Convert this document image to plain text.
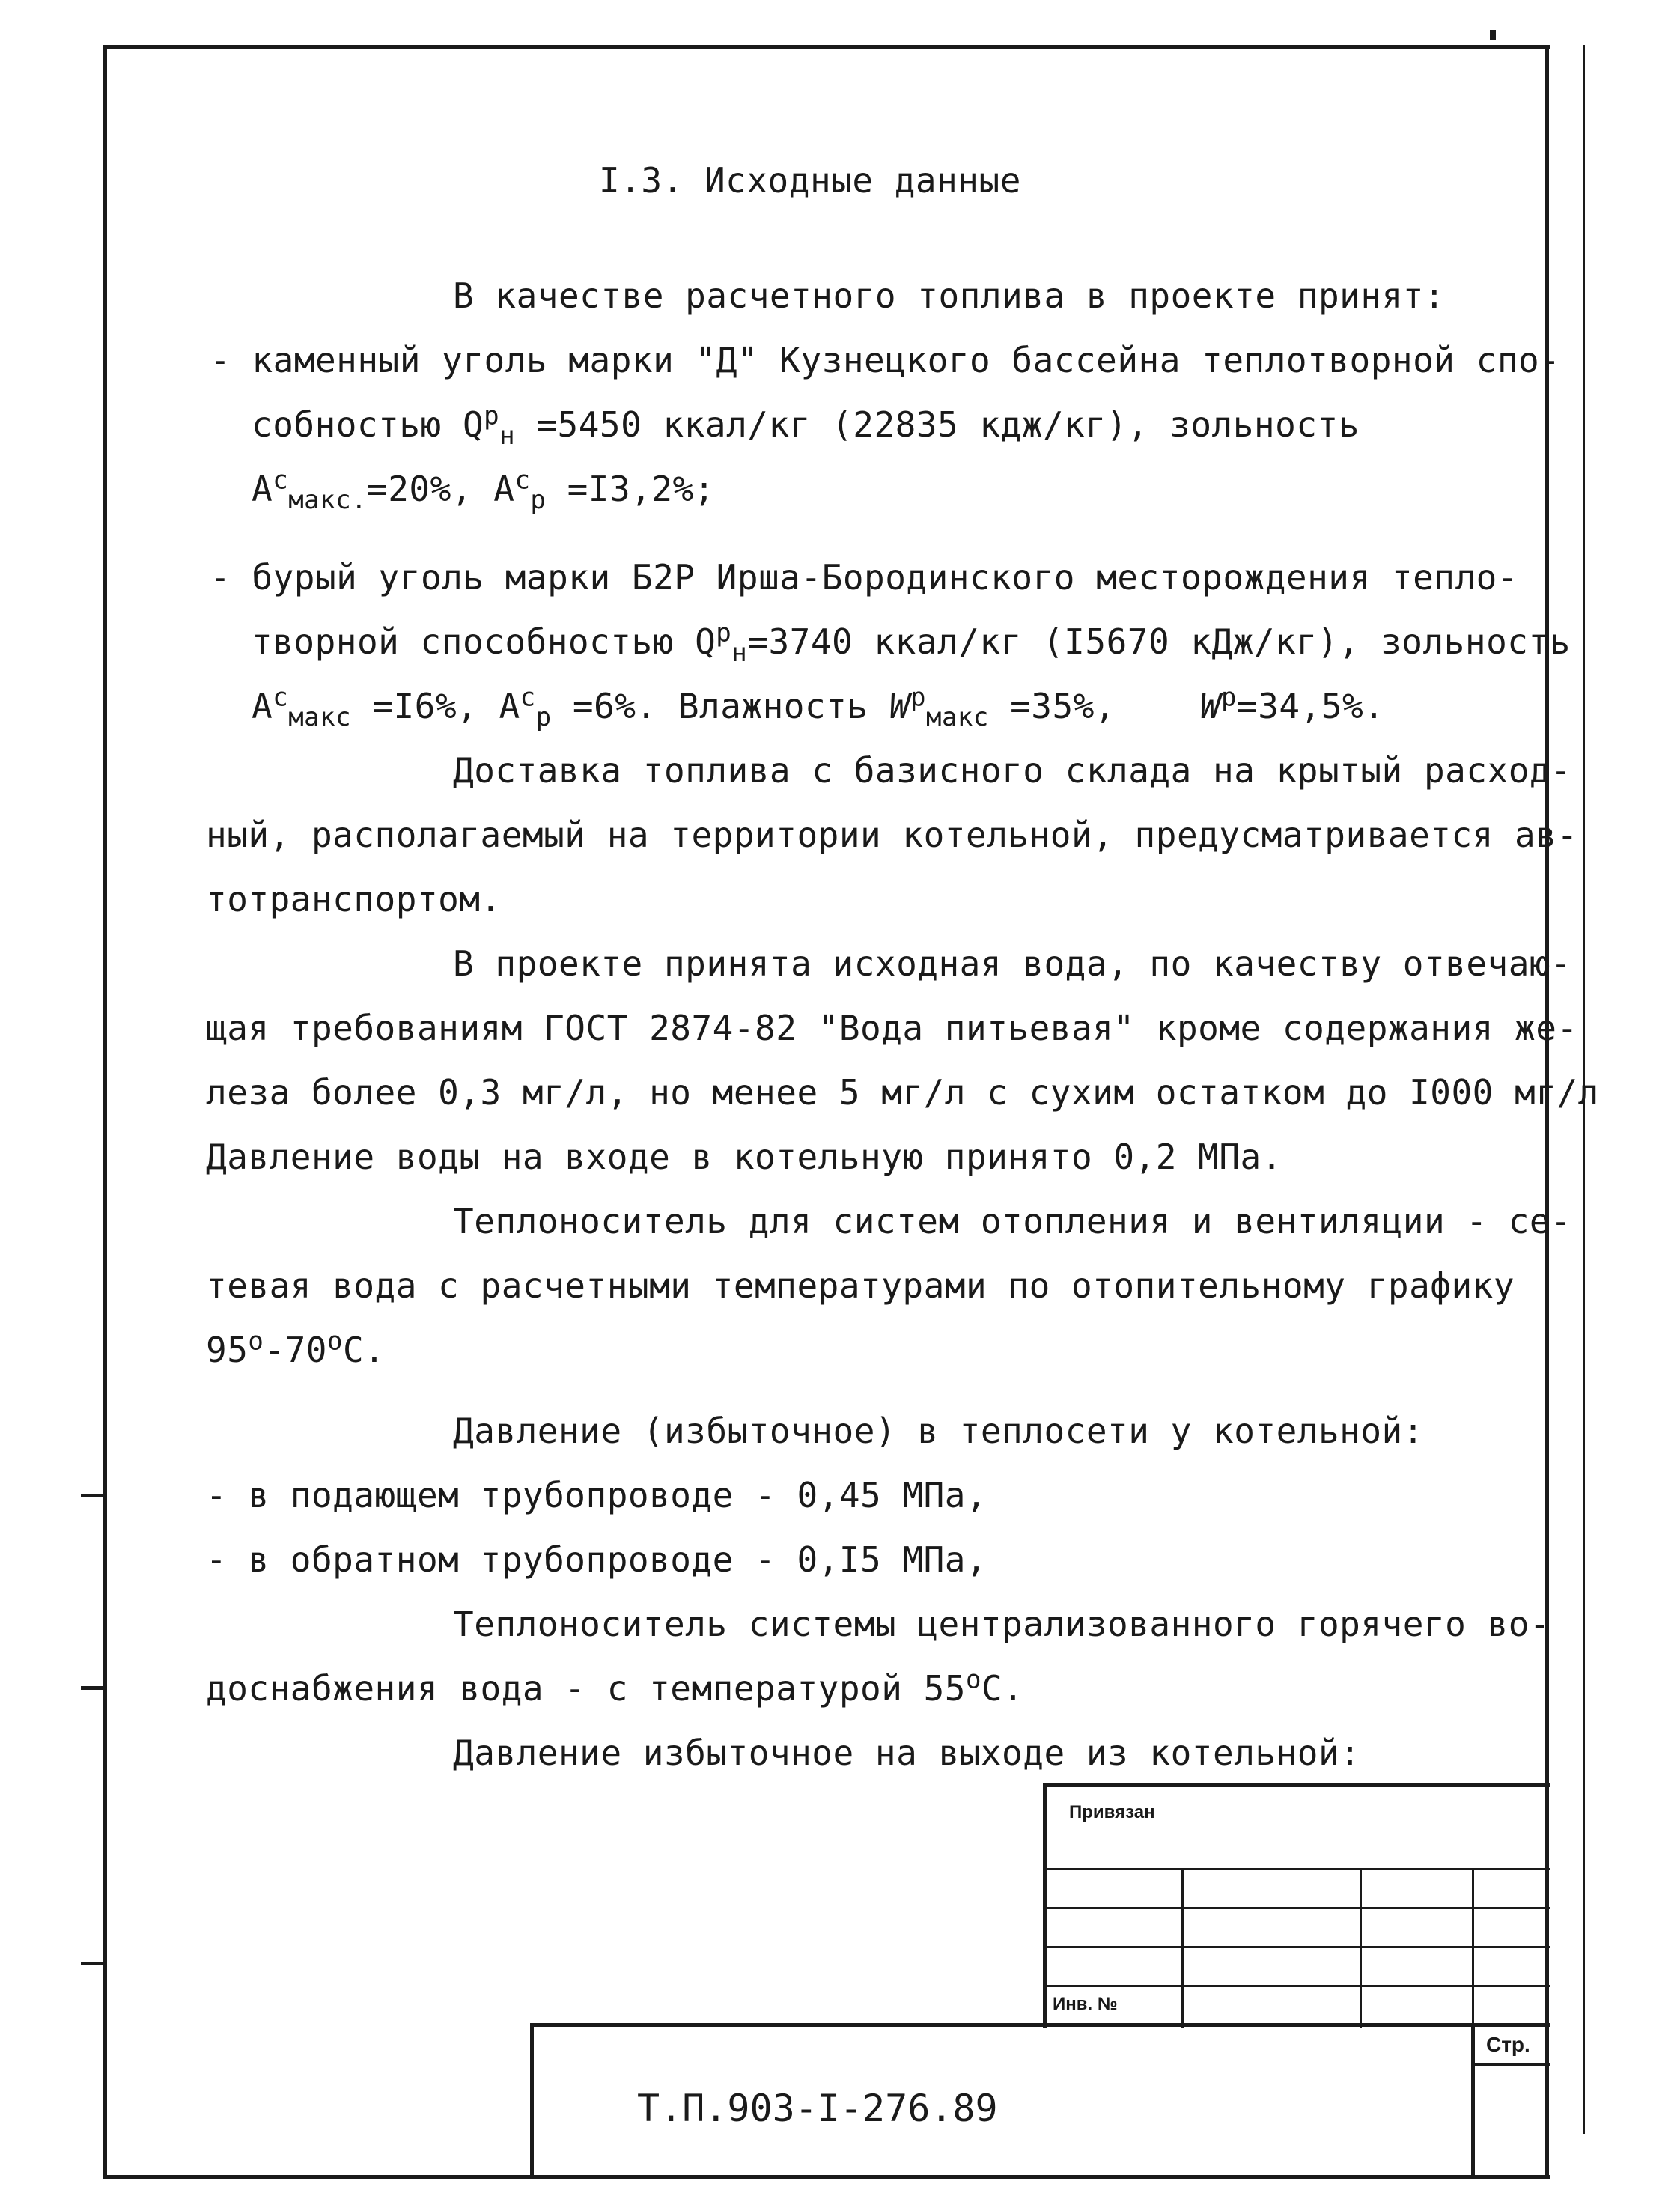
I.3. Исходные данные
В качестве расчетного топлива в проекте принят:
- каменный уголь марки "Д" Кузнецкого бассейна теплотворной спо-
собностью $Q^р_н =5450$ ккал/кг (22835 кдж/кг), зольность
$A^с_{макс.}=20\%$, $A^с_р =I3,2\%$;
- бурый уголь марки Б2Р Ирша-Бородинского месторождения тепло-
творной способностью $Q^р_н=3740$ ккал/кг (I5670 кДж/кг), зольность
$A^с_{макс} =I6\%$, $A^с_р =6\%$. Влажность $W^р_{макс} =35\%$, $W^р=34,5\%$.
Доставка топлива с базисного склада на крытый расход-
ный, располагаемый на территории котельной, предусматривается ав-
тотранспортом.
В проекте принята исходная вода, по качеству отвечаю-
щая требованиям ГОСТ 2874-82 "Вода питьевая" кроме содержания же-
леза более 0,3 мг/л, но менее 5 мг/л с сухим остатком до I000 мг/л
Давление воды на входе в котельную принято 0,2 МПа.
Теплоноситель для систем отопления и вентиляции - се-
тевая вода с расчетными температурами по отопительному графику
$95^о-70^оС$.
Давление (избыточное) в теплосети у котельной:
- в подающем трубопроводе - 0,45 МПа,
- в обратном трубопроводе - 0,I5 МПа,
Теплоноситель системы централизованного горячего во-
доснабжения вода - с температурой $55^оС$.
Давление избыточное на выходе из котельной:
Привязан
Инв. №
Т.П.903-I-276.89
Стр.
